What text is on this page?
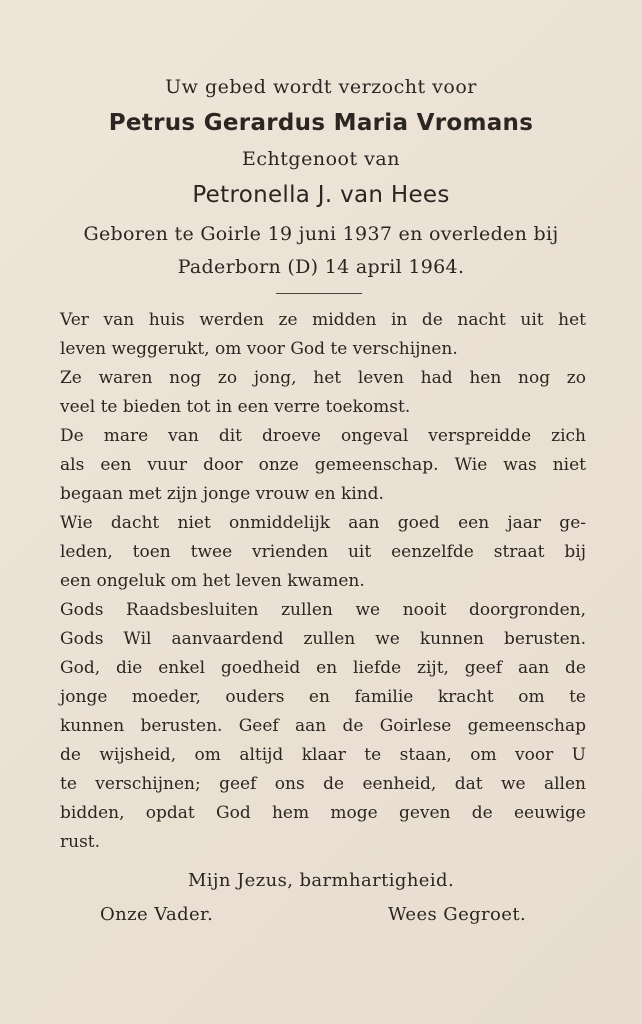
Uw gebed wordt verzocht voor
Petrus Gerardus Maria Vromans
Echtgenoot van
Petronella J. van Hees
Geboren te Goirle 19 juni 1937 en overleden bij
Paderborn (D) 14 april 1964.
Ver van huis werden ze midden in de nacht uit het
leven weggerukt, om voor God te verschijnen.
Ze waren nog zo jong, het leven had hen nog zo
veel te bieden tot in een verre toekomst.
De mare van dit droeve ongeval verspreidde zich
als een vuur door onze gemeenschap. Wie was niet
begaan met zijn jonge vrouw en kind.
Wie dacht niet onmiddelijk aan goed een jaar ge-
leden, toen twee vrienden uit eenzelfde straat bij
een ongeluk om het leven kwamen.
Gods Raadsbesluiten zullen we nooit doorgronden,
Gods Wil aanvaardend zullen we kunnen berusten.
God, die enkel goedheid en liefde zijt, geef aan de
jonge moeder, ouders en familie kracht om te
kunnen berusten. Geef aan de Goirlese gemeenschap
de wijsheid, om altijd klaar te staan, om voor U
te verschijnen; geef ons de eenheid, dat we allen
bidden, opdat God hem moge geven de eeuwige
rust.
Mijn Jezus, barmhartigheid.
Onze Vader.	Wees Gegroet.
